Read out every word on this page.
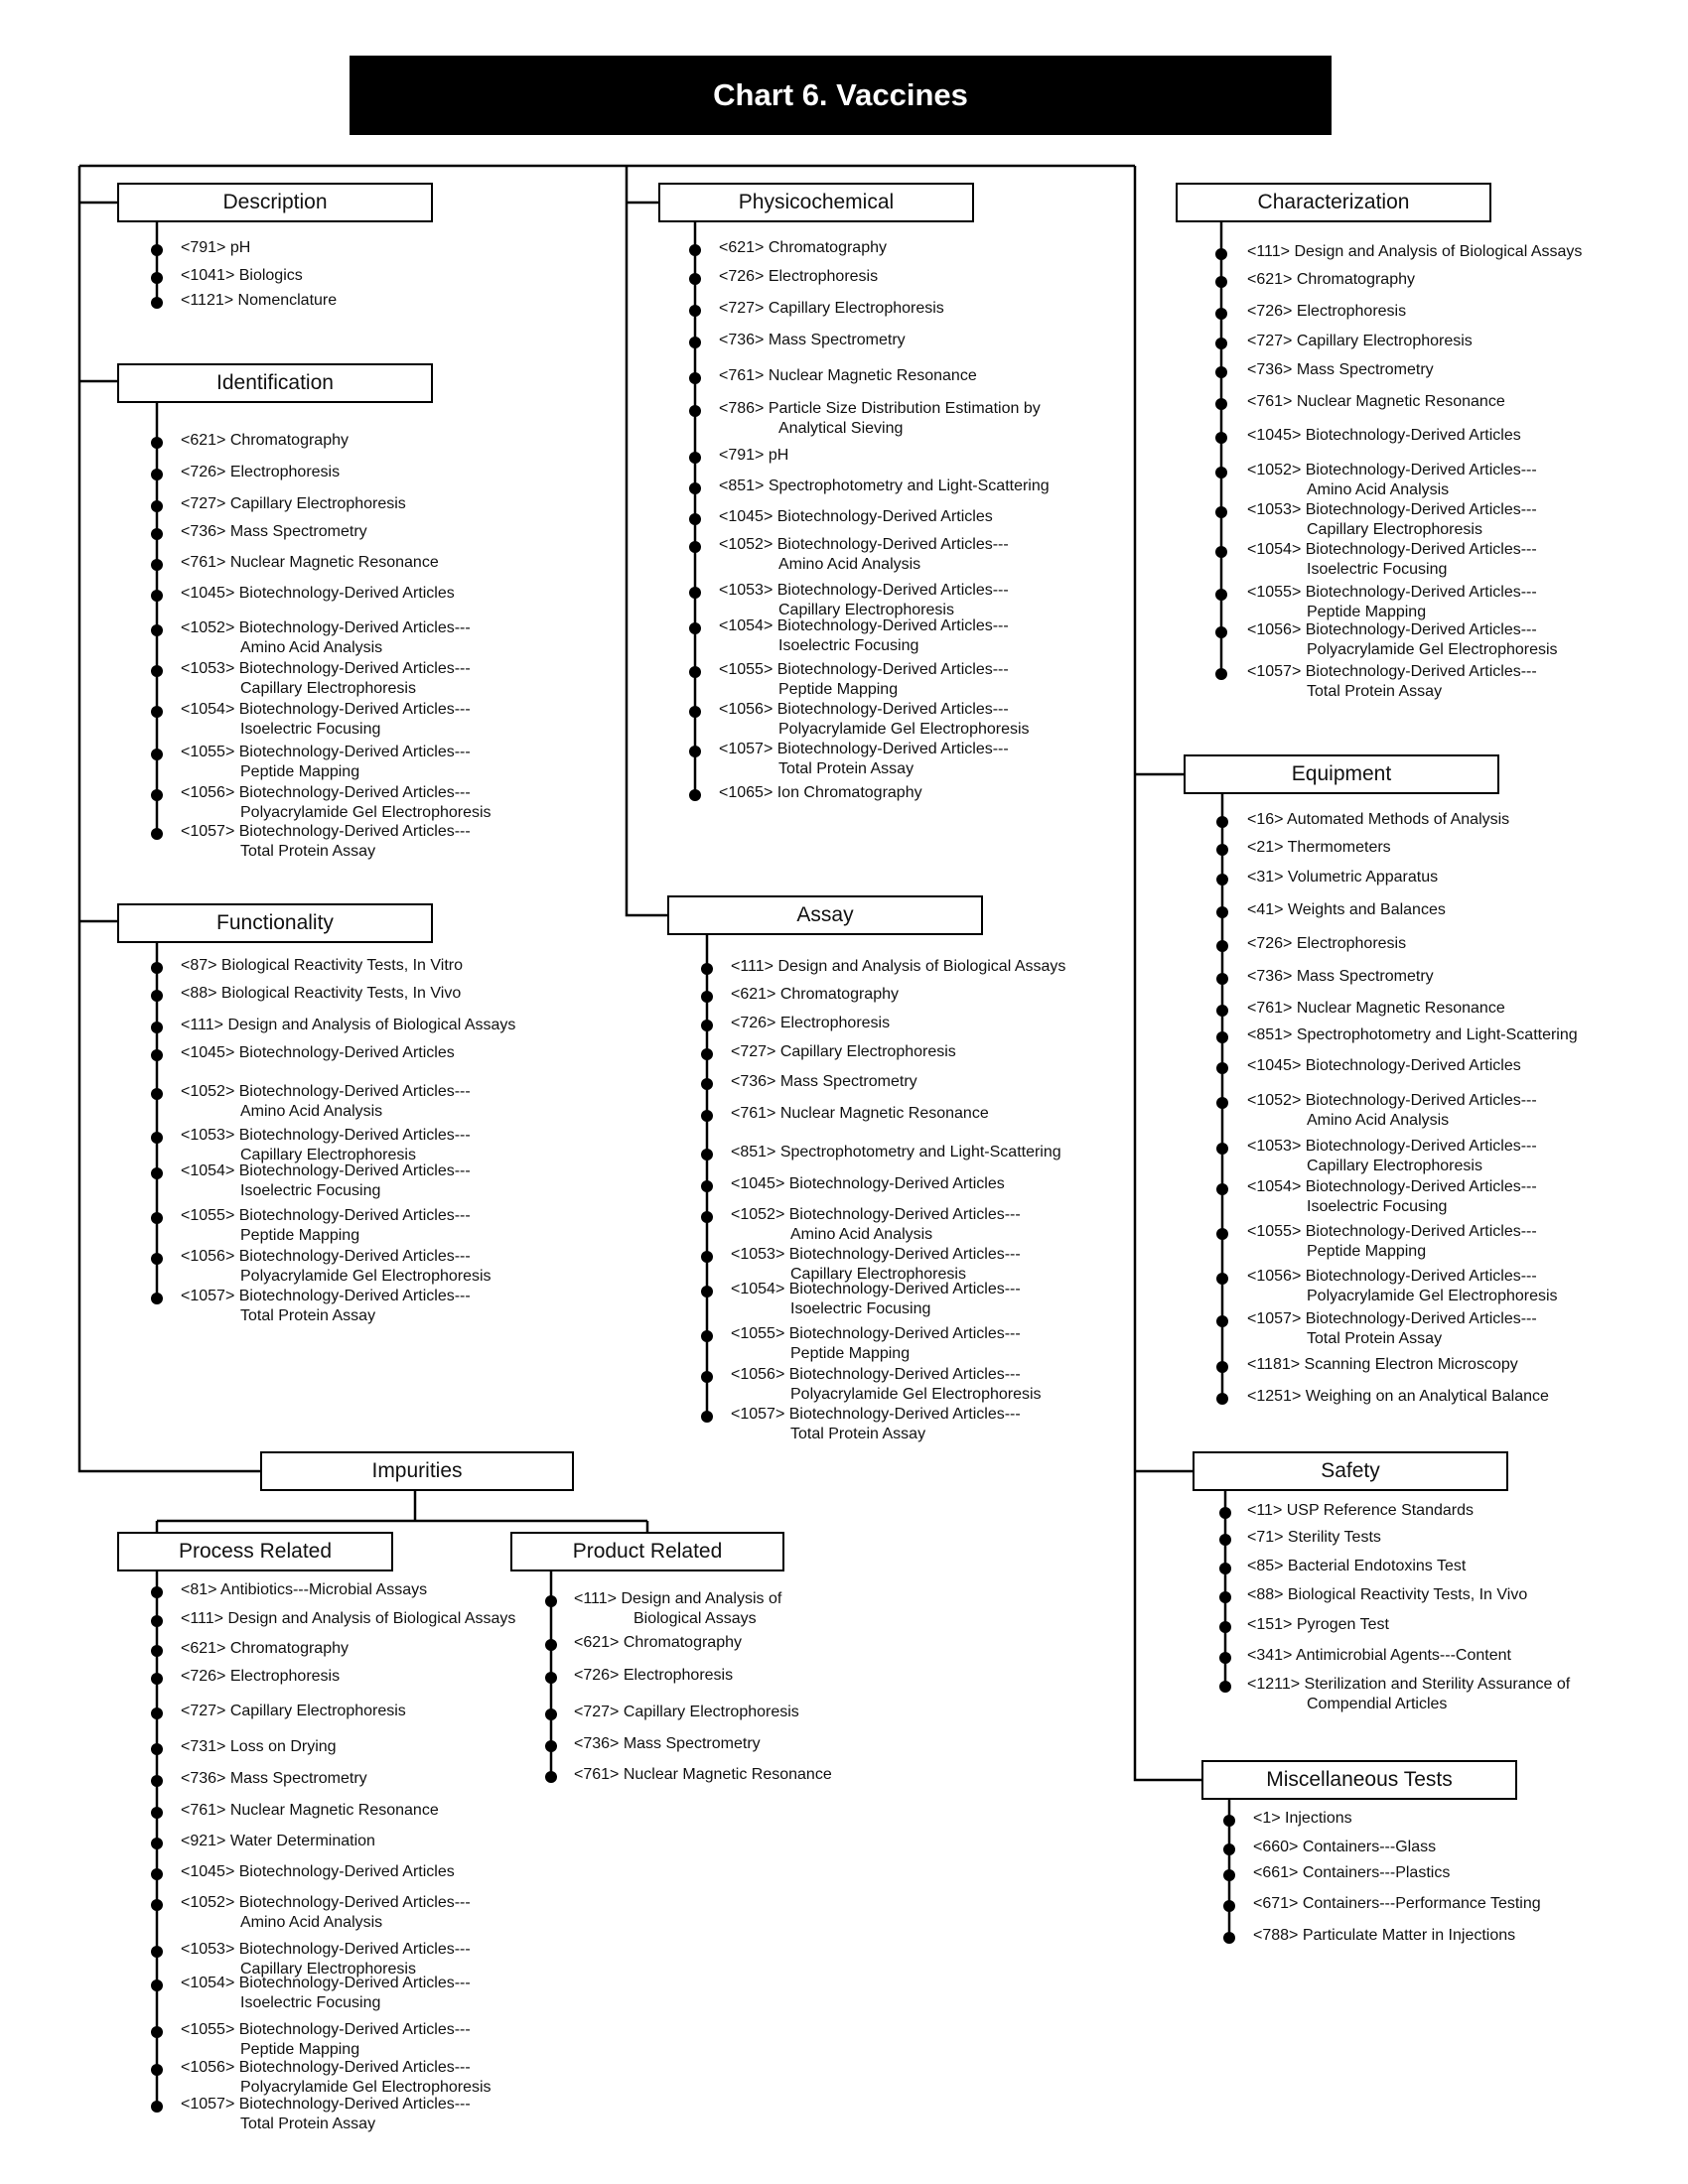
Chart 6. Vaccines
Description
Identification
Functionality
Physicochemical
Assay
Characterization
Equipment
Safety
Miscellaneous Tests
Impurities
Process Related	Product Related
<791> pH
<1041> Biologics
<1121> Nomenclature
<621> Chromatography
<726> Electrophoresis
<727> Capillary Electrophoresis
<736> Mass Spectrometry
<761> Nuclear Magnetic Resonance
<1045> Biotechnology-Derived Articles
<1052> Biotechnology-Derived Articles---
Amino Acid Analysis
<1053> Biotechnology-Derived Articles---
Capillary Electrophoresis
<1054> Biotechnology-Derived Articles---
Isoelectric Focusing
<1055> Biotechnology-Derived Articles---
Peptide Mapping
<1056> Biotechnology-Derived Articles---
Polyacrylamide Gel Electrophoresis
<1057> Biotechnology-Derived Articles---
Total Protein Assay
<87> Biological Reactivity Tests, In Vitro
<88> Biological Reactivity Tests, In Vivo
<111> Design and Analysis of Biological Assays
<1045> Biotechnology-Derived Articles
<1052> Biotechnology-Derived Articles---
Amino Acid Analysis
<1053> Biotechnology-Derived Articles---
Capillary Electrophoresis
<1054> Biotechnology-Derived Articles---
Isoelectric Focusing
<1055> Biotechnology-Derived Articles---
Peptide Mapping
<1056> Biotechnology-Derived Articles---
Polyacrylamide Gel Electrophoresis
<1057> Biotechnology-Derived Articles---
Total Protein Assay
<621> Chromatography
<726> Electrophoresis
<727> Capillary Electrophoresis
<736> Mass Spectrometry
<761> Nuclear Magnetic Resonance
<786> Particle Size Distribution Estimation by
Analytical Sieving
<791> pH
<851> Spectrophotometry and Light-Scattering
<1045> Biotechnology-Derived Articles
<1052> Biotechnology-Derived Articles---
Amino Acid Analysis
<1053> Biotechnology-Derived Articles---
Capillary Electrophoresis
<1054> Biotechnology-Derived Articles---
Isoelectric Focusing
<1055> Biotechnology-Derived Articles---
Peptide Mapping
<1056> Biotechnology-Derived Articles---
Polyacrylamide Gel Electrophoresis
<1057> Biotechnology-Derived Articles---
Total Protein Assay
<1065> Ion Chromatography
<111> Design and Analysis of Biological Assays
<621> Chromatography
<726> Electrophoresis
<727> Capillary Electrophoresis
<736> Mass Spectrometry
<761> Nuclear Magnetic Resonance
<851> Spectrophotometry and Light-Scattering
<1045> Biotechnology-Derived Articles
<1052> Biotechnology-Derived Articles---
Amino Acid Analysis
<1053> Biotechnology-Derived Articles---
Capillary Electrophoresis
<1054> Biotechnology-Derived Articles---
Isoelectric Focusing
<1055> Biotechnology-Derived Articles---
Peptide Mapping
<1056> Biotechnology-Derived Articles---
Polyacrylamide Gel Electrophoresis
<1057> Biotechnology-Derived Articles---
Total Protein Assay
<111> Design and Analysis of Biological Assays
<621> Chromatography
<726> Electrophoresis
<727> Capillary Electrophoresis
<736> Mass Spectrometry
<761> Nuclear Magnetic Resonance
<1045> Biotechnology-Derived Articles
<1052> Biotechnology-Derived Articles---
Amino Acid Analysis
<1053> Biotechnology-Derived Articles---
Capillary Electrophoresis
<1054> Biotechnology-Derived Articles---
Isoelectric Focusing
<1055> Biotechnology-Derived Articles---
Peptide Mapping
<1056> Biotechnology-Derived Articles---
Polyacrylamide Gel Electrophoresis
<1057> Biotechnology-Derived Articles---
Total Protein Assay
<16> Automated Methods of Analysis
<21> Thermometers
<31> Volumetric Apparatus
<41> Weights and Balances
<726> Electrophoresis
<736> Mass Spectrometry
<761> Nuclear Magnetic Resonance
<851> Spectrophotometry and Light-Scattering
<1045> Biotechnology-Derived Articles
<1052> Biotechnology-Derived Articles---
Amino Acid Analysis
<1053> Biotechnology-Derived Articles---
Capillary Electrophoresis
<1054> Biotechnology-Derived Articles---
Isoelectric Focusing
<1055> Biotechnology-Derived Articles---
Peptide Mapping
<1056> Biotechnology-Derived Articles---
Polyacrylamide Gel Electrophoresis
<1057> Biotechnology-Derived Articles---
Total Protein Assay
<1181> Scanning Electron Microscopy
<1251> Weighing on an Analytical Balance
<11> USP Reference Standards
<71> Sterility Tests
<85> Bacterial Endotoxins Test
<88> Biological Reactivity Tests, In Vivo
<151> Pyrogen Test
<341> Antimicrobial Agents---Content
<1211> Sterilization and Sterility Assurance of
Compendial Articles
<1> Injections
<660> Containers---Glass
<661> Containers---Plastics
<671> Containers---Performance Testing
<788> Particulate Matter in Injections
<81> Antibiotics---Microbial Assays
<111> Design and Analysis of Biological Assays
<621> Chromatography
<726> Electrophoresis
<727> Capillary Electrophoresis
<731> Loss on Drying
<736> Mass Spectrometry
<761> Nuclear Magnetic Resonance
<921> Water Determination
<1045> Biotechnology-Derived Articles
<1052> Biotechnology-Derived Articles---
Amino Acid Analysis
<1053> Biotechnology-Derived Articles---
Capillary Electrophoresis
<1054> Biotechnology-Derived Articles---
Isoelectric Focusing
<1055> Biotechnology-Derived Articles---
Peptide Mapping
<1056> Biotechnology-Derived Articles---
Polyacrylamide Gel Electrophoresis
<1057> Biotechnology-Derived Articles---
Total Protein Assay
<111> Design and Analysis of
Biological Assays
<621> Chromatography
<726> Electrophoresis
<727> Capillary Electrophoresis
<736> Mass Spectrometry
<761> Nuclear Magnetic Resonance
